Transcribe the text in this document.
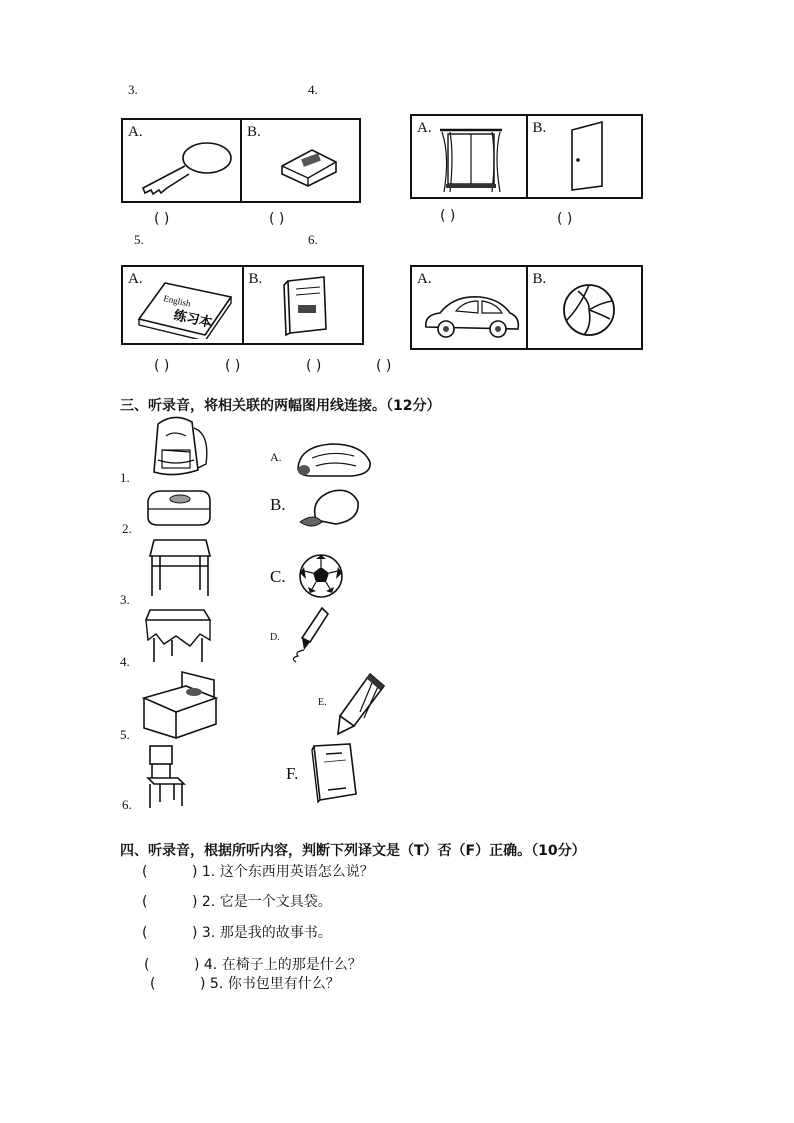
3.	4.
A.	B.	A.	B.
( )	( )	( )	( )
5.	6.
A.
English
练习本
B.	A.	B.
( )	( )	( )	( )
三、听录音，将相关联的两幅图用线连接。（12分）
1.
2.
3.
4.
5.
6.
A.
B.
C.
D.
E.
F.
四、听录音，根据所听内容，判断下列译文是（T）否（F）正确。（10分）
(          ) 1. 这个东西用英语怎么说？
(          ) 2. 它是一个文具袋。
(          ) 3. 那是我的故事书。
(          ) 4. 在椅子上的那是什么？
(          ) 5. 你书包里有什么？
